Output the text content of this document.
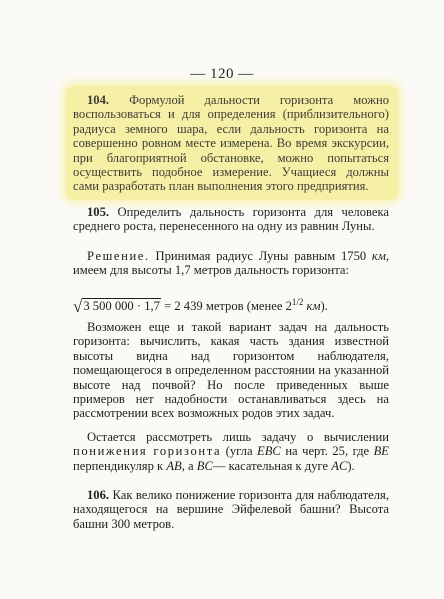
— 120 —

104. Формулой дальности горизонта можно воспользоваться и для определения (приблизительного) радиуса земного шара, если дальность горизонта на совершенно ровном месте измерена. Во время экскурсии, при благоприятной обстановке, можно попытаться осуществить подобное измерение. Учащиеся должны сами разработать план выполнения этого предприятия.

105. Определить дальность горизонта для человека среднего роста, перенесенного на одну из равнин Луны.

Решение. Принимая радиус Луны равным 1750 км, имеем для высоты 1,7 метров дальность горизонта:

√3 500 000 · 1,7 = 2 439 метров (менее $2^{1/2}$ км).

Возможен еще и такой вариант задач на дальность горизонта: вычислить, какая часть здания известной высоты видна над горизонтом наблюдателя, помещающегося в определенном расстоянии на указанной высоте над почвой? Но после приведенных выше примеров нет надобности останавливаться здесь на рассмотрении всех возможных родов этих задач.

Остается рассмотреть лишь задачу о вычислении понижения горизонта (угла EBC на черт. 25, где BE перпендикуляр к AB, а BC— касательная к дуге AC).

106. Как велико понижение горизонта для наблюдателя, находящегося на вершине Эйфелевой башни? Высота башни 300 метров.
